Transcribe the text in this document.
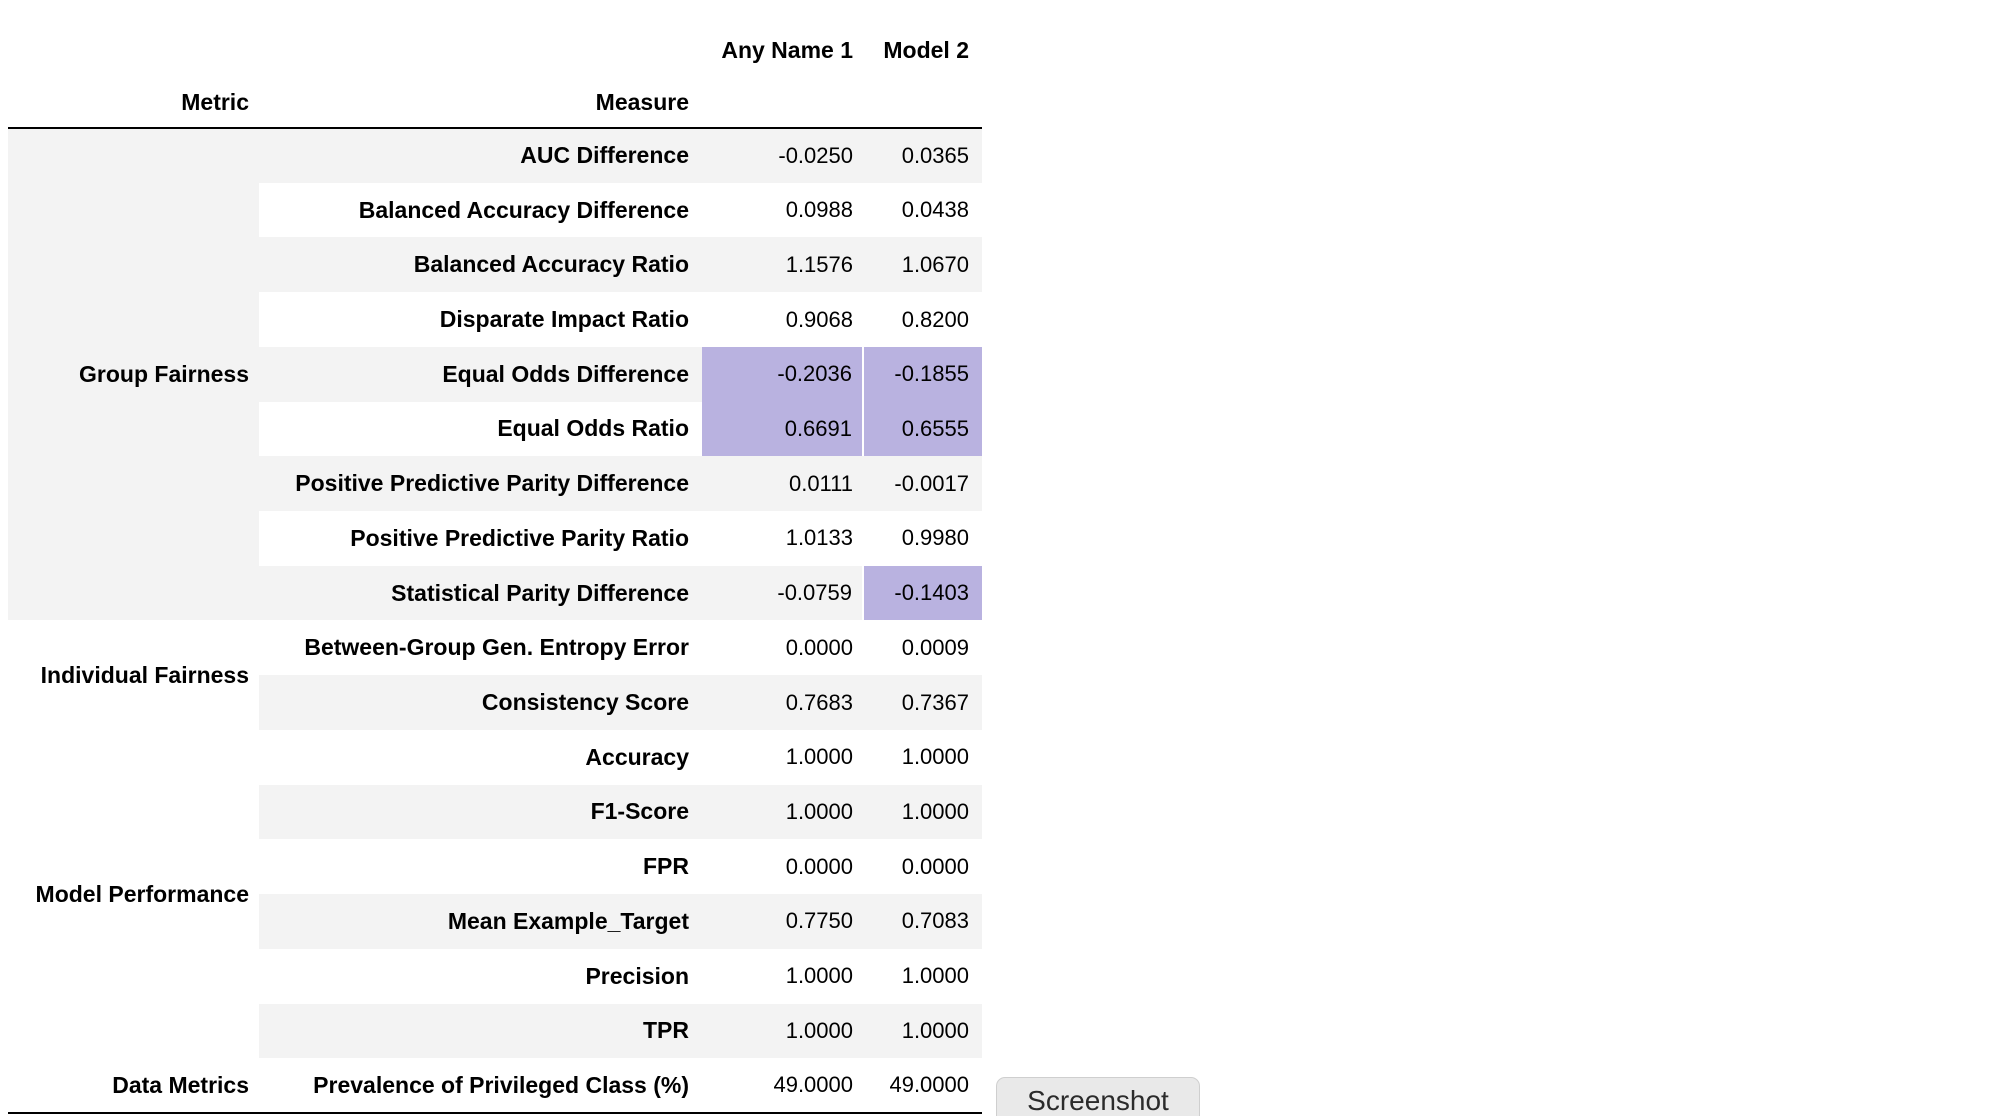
		Any Name 1	Model 2
Metric	Measure		
Group Fairness	AUC Difference	-0.0250	0.0365
	Balanced Accuracy Difference	0.0988	0.0438
	Balanced Accuracy Ratio	1.1576	1.0670
	Disparate Impact Ratio	0.9068	0.8200
	Equal Odds Difference	-0.2036	-0.1855
	Equal Odds Ratio	0.6691	0.6555
	Positive Predictive Parity Difference	0.0111	-0.0017
	Positive Predictive Parity Ratio	1.0133	0.9980
	Statistical Parity Difference	-0.0759	-0.1403
Individual Fairness	Between-Group Gen. Entropy Error	0.0000	0.0009
	Consistency Score	0.7683	0.7367
Model Performance	Accuracy	1.0000	1.0000
	F1-Score	1.0000	1.0000
	FPR	0.0000	0.0000
	Mean Example_Target	0.7750	0.7083
	Precision	1.0000	1.0000
	TPR	1.0000	1.0000
Data Metrics	Prevalence of Privileged Class (%)	49.0000	49.0000
Screenshot
